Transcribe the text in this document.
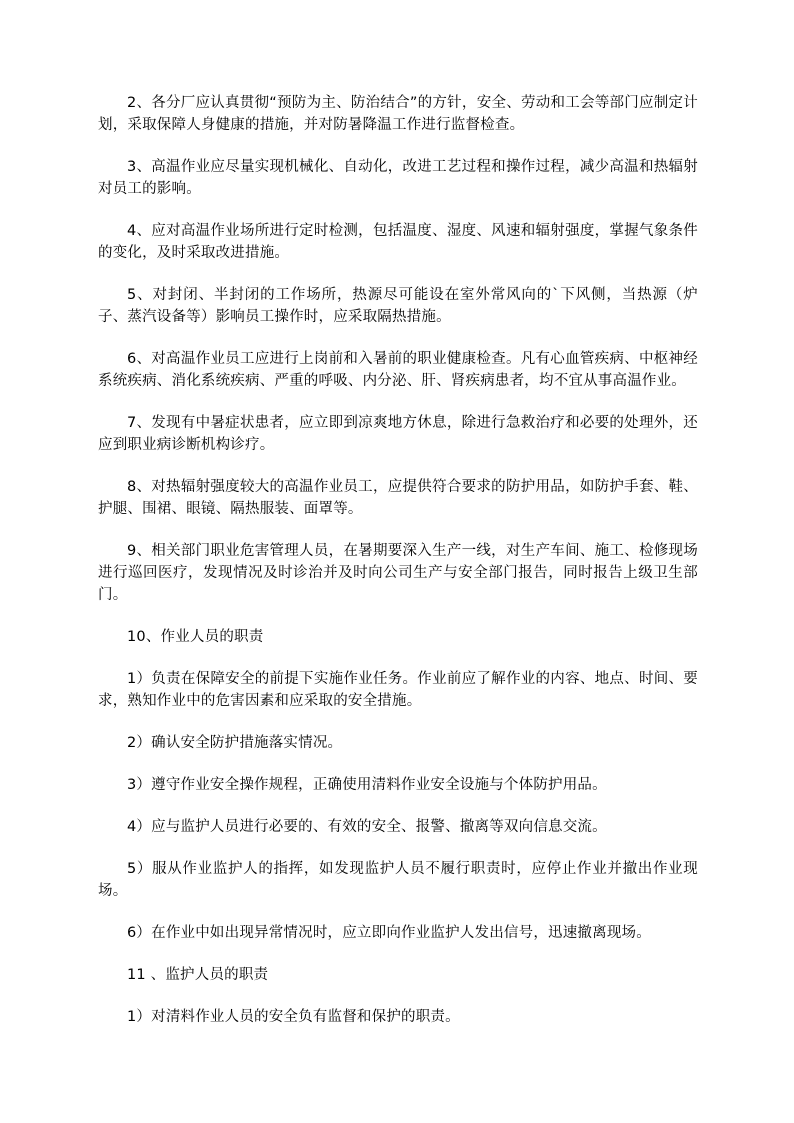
2、各分厂应认真贯彻“预防为主、防治结合”的方针，安全、劳动和工会等部门应制定计划，采取保障人身健康的措施，并对防暑降温工作进行监督检查。

3、高温作业应尽量实现机械化、自动化，改进工艺过程和操作过程，减少高温和热辐射对员工的影响。

4、应对高温作业场所进行定时检测，包括温度、湿度、风速和辐射强度，掌握气象条件的变化，及时采取改进措施。

5、对封闭、半封闭的工作场所，热源尽可能设在室外常风向的`下风侧，当热源（炉子、蒸汽设备等）影响员工操作时，应采取隔热措施。

6、对高温作业员工应进行上岗前和入暑前的职业健康检查。凡有心血管疾病、中枢神经系统疾病、消化系统疾病、严重的呼吸、内分泌、肝、肾疾病患者，均不宜从事高温作业。

7、发现有中暑症状患者，应立即到凉爽地方休息，除进行急救治疗和必要的处理外，还应到职业病诊断机构诊疗。

8、对热辐射强度较大的高温作业员工，应提供符合要求的防护用品，如防护手套、鞋、护腿、围裙、眼镜、隔热服装、面罩等。

9、相关部门职业危害管理人员，在暑期要深入生产一线，对生产车间、施工、检修现场进行巡回医疗，发现情况及时诊治并及时向公司生产与安全部门报告，同时报告上级卫生部门。

10、作业人员的职责

1）负责在保障安全的前提下实施作业任务。作业前应了解作业的内容、地点、时间、要求，熟知作业中的危害因素和应采取的安全措施。

2）确认安全防护措施落实情况。

3）遵守作业安全操作规程，正确使用清料作业安全设施与个体防护用品。

4）应与监护人员进行必要的、有效的安全、报警、撤离等双向信息交流。

5）服从作业监护人的指挥，如发现监护人员不履行职责时，应停止作业并撤出作业现场。

6）在作业中如出现异常情况时，应立即向作业监护人发出信号，迅速撤离现场。

11 、监护人员的职责

1）对清料作业人员的安全负有监督和保护的职责。
